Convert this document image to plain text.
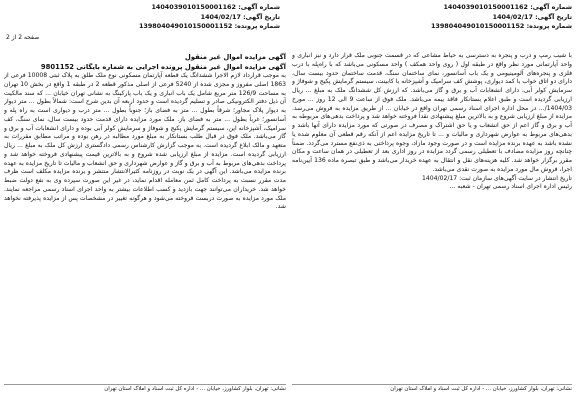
شماره آگهی: 1404039010150001162
تاریخ آگهی: 1404/02/17
شماره پرونده: 139804049010150001152
شماره آگهی: 1404039010150001162
تاریخ آگهی: 1404/02/17
شماره پرونده: 139804049010150001152
صفحه 2 از 2

آگهی مزایده اموال غیر منقول

آگهی مزایده اموال غیر منقول پرونده اجرایی به شماره بایگانی 9801152

به موجب قرارداد لازم الاجرا ششدانگ یک قطعه آپارتمان مسکونی نوع ملک طلق به پلاک ثبتی 10008 فرعی از 1863 اصلی مفروز و مجزی شده از 5240 فرعی از اصلی مذکور قطعه 2 در طبقه 1 واقع در بخش 10 تهران به مساحت 126/9 متر مربع شامل یک باب انباری و یک باب پارکینگ به نشانی تهران خیابان ... که سند مالکیت آن ذیل دفتر الکترونیکی صادر و تسلیم گردیده است و حدود اربعه آن بدین شرح است: شمالاً بطول ... متر دیوار به دیوار پلاک مجاور؛ شرقاً بطول ... متر به فضای باز؛ جنوباً بطول ... متر درب و دیواری است به راه پله و آسانسور؛ غرباً بطول ... متر به فضای باز. ملک مورد مزایده دارای قدمت حدود بیست سال، نمای سنگ، کف سرامیک، آشپزخانه اپن، سیستم گرمایش پکیج و شوفاژ و سرمایش کولر آبی بوده و دارای انشعابات آب و برق و گاز می‌باشد. ملک فوق در قبال طلب بستانکار به مبلغ مورد مطالبه در رهن بوده و مراتب مطابق مقررات به متعهد و مالک ابلاغ گردیده است. به موجب گزارش کارشناس رسمی دادگستری ارزش کل ملک به مبلغ ... ریال ارزیابی گردیده است. مزایده از مبلغ ارزیابی شده شروع و به بالاترین قیمت پیشنهادی فروخته خواهد شد و پرداخت بدهی‌های مربوط به آب و برق و گاز و عوارض شهرداری و حق انشعاب و مالیات تا تاریخ مزایده به عهده برنده مزایده می‌باشد. این آگهی در یک نوبت در روزنامه کثیرالانتشار منتشر و برنده مزایده مکلف است ظرف مدت مقرر نسبت به پرداخت کامل ثمن معامله اقدام نماید، در غیر این صورت سپرده وی به نفع دولت ضبط خواهد شد. خریداران می‌توانند جهت بازدید و کسب اطلاعات بیشتر به واحد اجرای اسناد رسمی مراجعه نمایند. ملک مورد مزایده به صورت دربست فروخته می‌شود و هرگونه تغییر در مشخصات پس از مزایده پذیرفته نخواهد شد.

با شیب رمپ و درب و پنجره به دسترسی به حیاط مشاعی که در قسمت جنوبی ملک قرار دارد و نیز انباری و واحد آپارتمانی مورد نظر واقع در طبقه اول ( روی واحد همکف ) واحد مسکونی می‌باشد که با راه‌پله با درب فلزی و پنجره‌های آلومینیومی و یک باب آسانسور، نمای ساختمان سنگ، قدمت ساختمان حدود بیست سال، دارای دو اتاق خواب با کمد دیواری، پوشش کف سرامیک و آشپزخانه با کابینت، سیستم گرمایش پکیج و شوفاژ و سرمایش کولر آبی، دارای انشعابات آب و برق و گاز می‌باشد. که ارزش کل ششدانگ ملک به مبلغ ... ریال ارزیابی گردیده است و طبق اعلام بستانکار فاقد بیمه می‌باشد. ملک فوق از ساعت 9 الی 12 روز ... مورخ 1404/03/... در محل اداره اجرای اسناد رسمی تهران واقع در خیابان ... از طریق مزایده به فروش می‌رسد. مزایده از مبلغ ارزیابی شروع و به بالاترین مبلغ پیشنهادی نقداً فروخته خواهد شد و پرداخت بدهی‌های مربوطه به آب و برق و گاز اعم از حق انشعاب و یا حق اشتراک و مصرف در صورتی که مورد مزایده دارای آنها باشد و بدهی‌های مربوط به عوارض شهرداری و مالیات و ... تا تاریخ مزایده اعم از آنکه رقم قطعی آن معلوم شده یا نشده باشد به عهده برنده مزایده است و در صورت وجود مازاد، وجوه پرداختی به ذی‌نفع مسترد می‌گردد. ضمناً چنانچه روز مزایده مصادف با تعطیلی رسمی گردد مزایده در روز اداری بعد از تعطیلی در همان ساعت و مکان مقرر برگزار خواهد شد. کلیه هزینه‌های نقل و انتقال به عهده خریدار می‌باشد و طبق تبصره ماده 136 آیین‌نامه اجرا، فروش مال مورد مزایده به صورت نقدی می‌باشد.

تاریخ انتشار در سایت آگهی‌های سازمان ثبت: 1404/02/17

رئیس اداره اجرای اسناد رسمی تهران - شعبه ...

نشانی: تهران، بلوار کشاورز، خیابان ... - اداره کل ثبت اسناد و املاک استان تهران	نشانی: تهران، بلوار کشاورز، خیابان ... - اداره کل ثبت اسناد و املاک استان تهران
